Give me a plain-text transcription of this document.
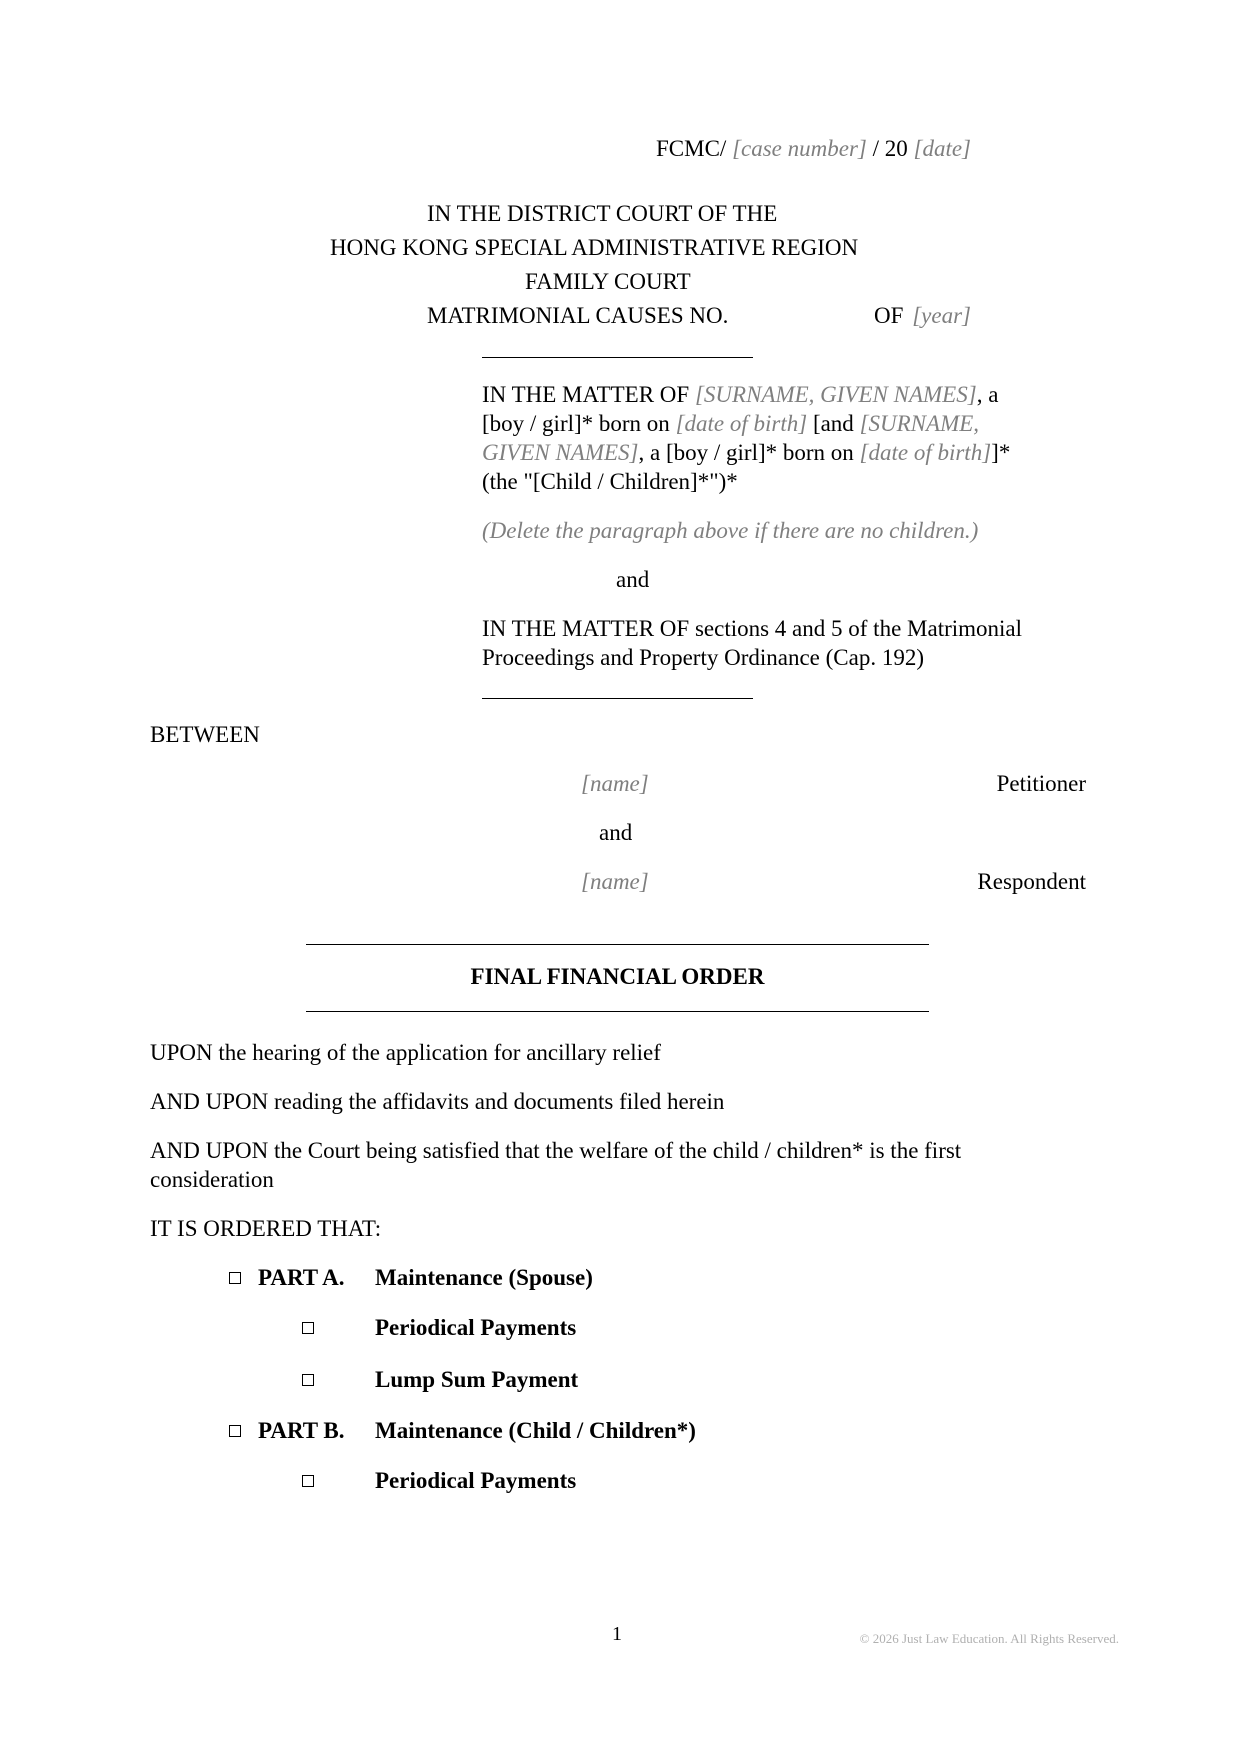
FCMC/ [case number] / 20 [date]
IN THE DISTRICT COURT OF THE
HONG KONG SPECIAL ADMINISTRATIVE REGION
FAMILY COURT
MATRIMONIAL CAUSES NO.	OF [year]
IN THE MATTER OF [SURNAME, GIVEN NAMES], a
[boy / girl]* born on [date of birth] [and [SURNAME,
GIVEN NAMES], a [boy / girl]* born on [date of birth]]*
(the "[Child / Children]*")*
(Delete the paragraph above if there are no children.)
and
IN THE MATTER OF sections 4 and 5 of the Matrimonial
Proceedings and Property Ordinance (Cap. 192)
BETWEEN
[name]	Petitioner
and
[name]	Respondent
FINAL FINANCIAL ORDER
UPON the hearing of the application for ancillary relief
AND UPON reading the affidavits and documents filed herein
AND UPON the Court being satisfied that the welfare of the child / children* is the first
consideration
IT IS ORDERED THAT:
PART A. Maintenance (Spouse)
Periodical Payments
Lump Sum Payment
PART B. Maintenance (Child / Children*)
Periodical Payments
1	© 2026 Just Law Education. All Rights Reserved.
